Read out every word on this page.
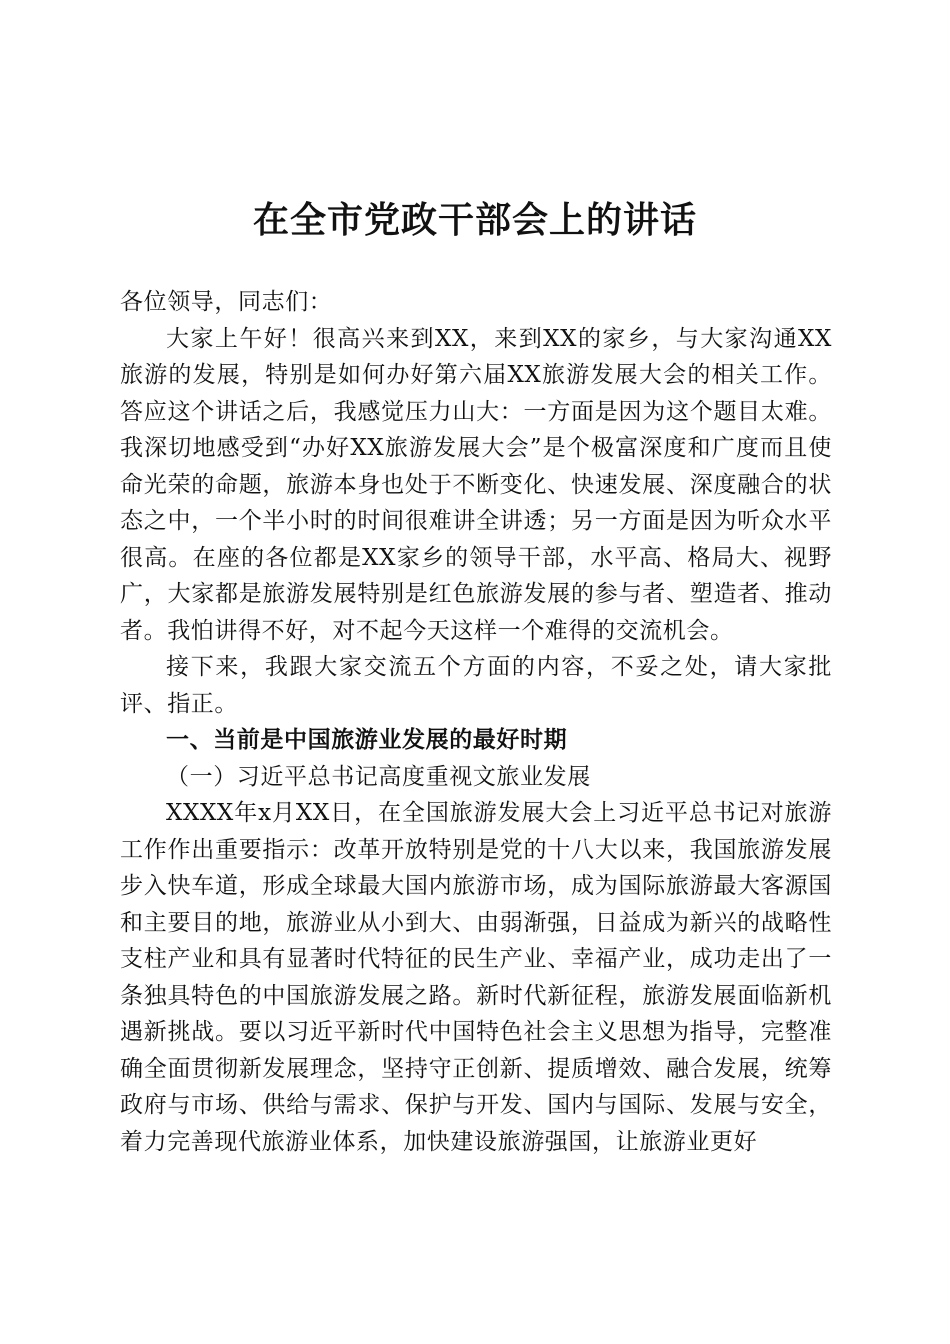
在全市党政干部会上的讲话

各位领导，同志们：

大家上午好！很高兴来到XX，来到XX的家乡，与大家沟通XX旅游的发展，特别是如何办好第六届XX旅游发展大会的相关工作。答应这个讲话之后，我感觉压力山大：一方面是因为这个题目太难。我深切地感受到“办好XX旅游发展大会”是个极富深度和广度而且使命光荣的命题，旅游本身也处于不断变化、快速发展、深度融合的状态之中，一个半小时的时间很难讲全讲透；另一方面是因为听众水平很高。在座的各位都是XX家乡的领导干部，水平高、格局大、视野广，大家都是旅游发展特别是红色旅游发展的参与者、塑造者、推动者。我怕讲得不好，对不起今天这样一个难得的交流机会。

接下来，我跟大家交流五个方面的内容，不妥之处，请大家批评、指正。

一、当前是中国旅游业发展的最好时期

（一）习近平总书记高度重视文旅业发展

XXXX年x月XX日，在全国旅游发展大会上习近平总书记对旅游工作作出重要指示：改革开放特别是党的十八大以来，我国旅游发展步入快车道，形成全球最大国内旅游市场，成为国际旅游最大客源国和主要目的地，旅游业从小到大、由弱渐强，日益成为新兴的战略性支柱产业和具有显著时代特征的民生产业、幸福产业，成功走出了一条独具特色的中国旅游发展之路。新时代新征程，旅游发展面临新机遇新挑战。要以习近平新时代中国特色社会主义思想为指导，完整准确全面贯彻新发展理念，坚持守正创新、提质增效、融合发展，统筹政府与市场、供给与需求、保护与开发、国内与国际、发展与安全，着力完善现代旅游业体系，加快建设旅游强国，让旅游业更好
